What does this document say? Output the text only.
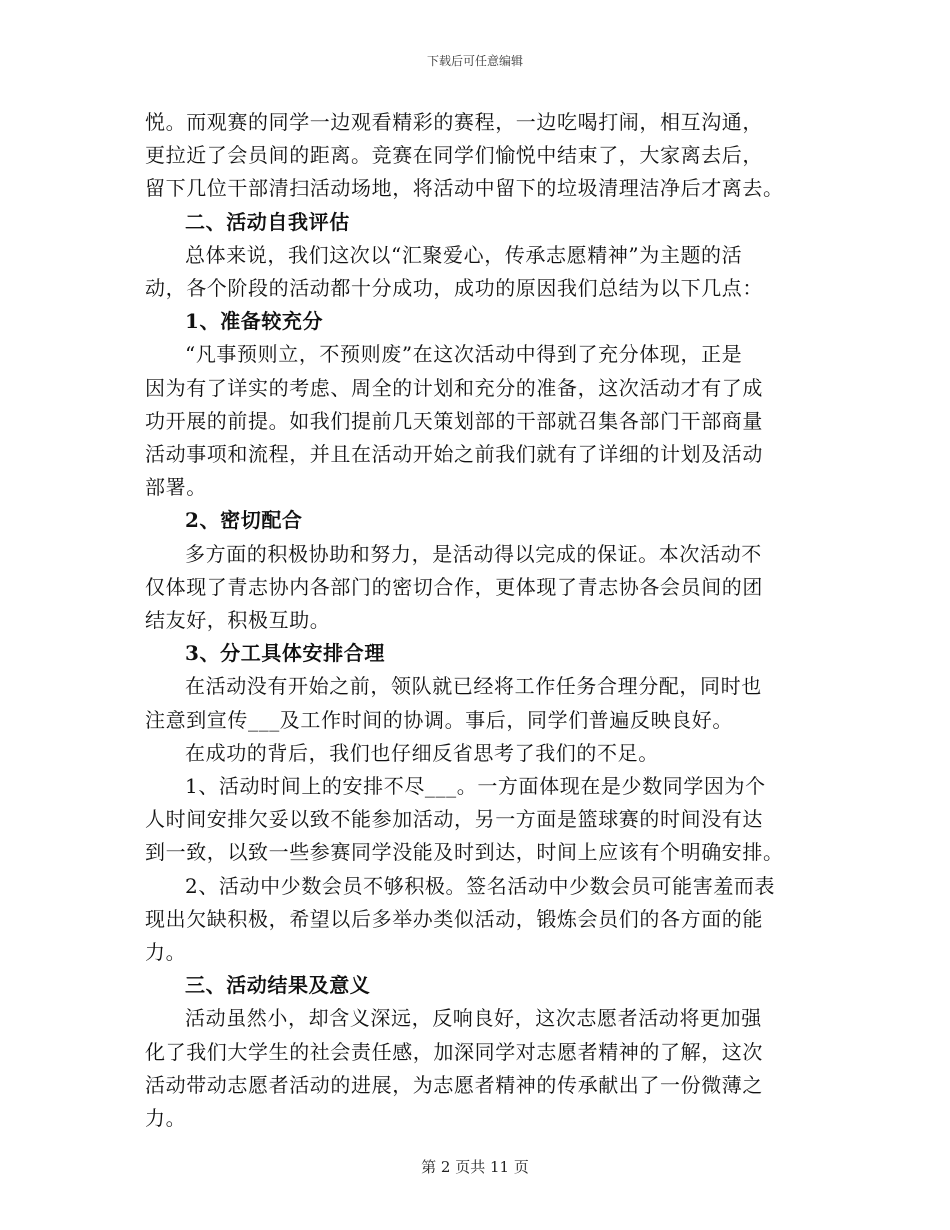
下载后可任意编辑

悦。而观赛的同学一边观看精彩的赛程，一边吃喝打闹，相互沟通，

更拉近了会员间的距离。竞赛在同学们愉悦中结束了，大家离去后，

留下几位干部清扫活动场地，将活动中留下的垃圾清理洁净后才离去。

二、活动自我评估

总体来说，我们这次以“汇聚爱心，传承志愿精神”为主题的活

动，各个阶段的活动都十分成功，成功的原因我们总结为以下几点：

1、准备较充分

“凡事预则立，不预则废”在这次活动中得到了充分体现，正是

因为有了详实的考虑、周全的计划和充分的准备，这次活动才有了成

功开展的前提。如我们提前几天策划部的干部就召集各部门干部商量

活动事项和流程，并且在活动开始之前我们就有了详细的计划及活动

部署。

2、密切配合

多方面的积极协助和努力，是活动得以完成的保证。本次活动不

仅体现了青志协内各部门的密切合作，更体现了青志协各会员间的团

结友好，积极互助。

3、分工具体安排合理

在活动没有开始之前，领队就已经将工作任务合理分配，同时也

注意到宣传___及工作时间的协调。事后，同学们普遍反映良好。

在成功的背后，我们也仔细反省思考了我们的不足。

1、活动时间上的安排不尽___。一方面体现在是少数同学因为个

人时间安排欠妥以致不能参加活动，另一方面是篮球赛的时间没有达

到一致，以致一些参赛同学没能及时到达，时间上应该有个明确安排。

2、活动中少数会员不够积极。签名活动中少数会员可能害羞而表

现出欠缺积极，希望以后多举办类似活动，锻炼会员们的各方面的能

力。

三、活动结果及意义

活动虽然小，却含义深远，反响良好，这次志愿者活动将更加强

化了我们大学生的社会责任感，加深同学对志愿者精神的了解，这次

活动带动志愿者活动的进展，为志愿者精神的传承献出了一份微薄之

力。

第 2 页共 11 页
